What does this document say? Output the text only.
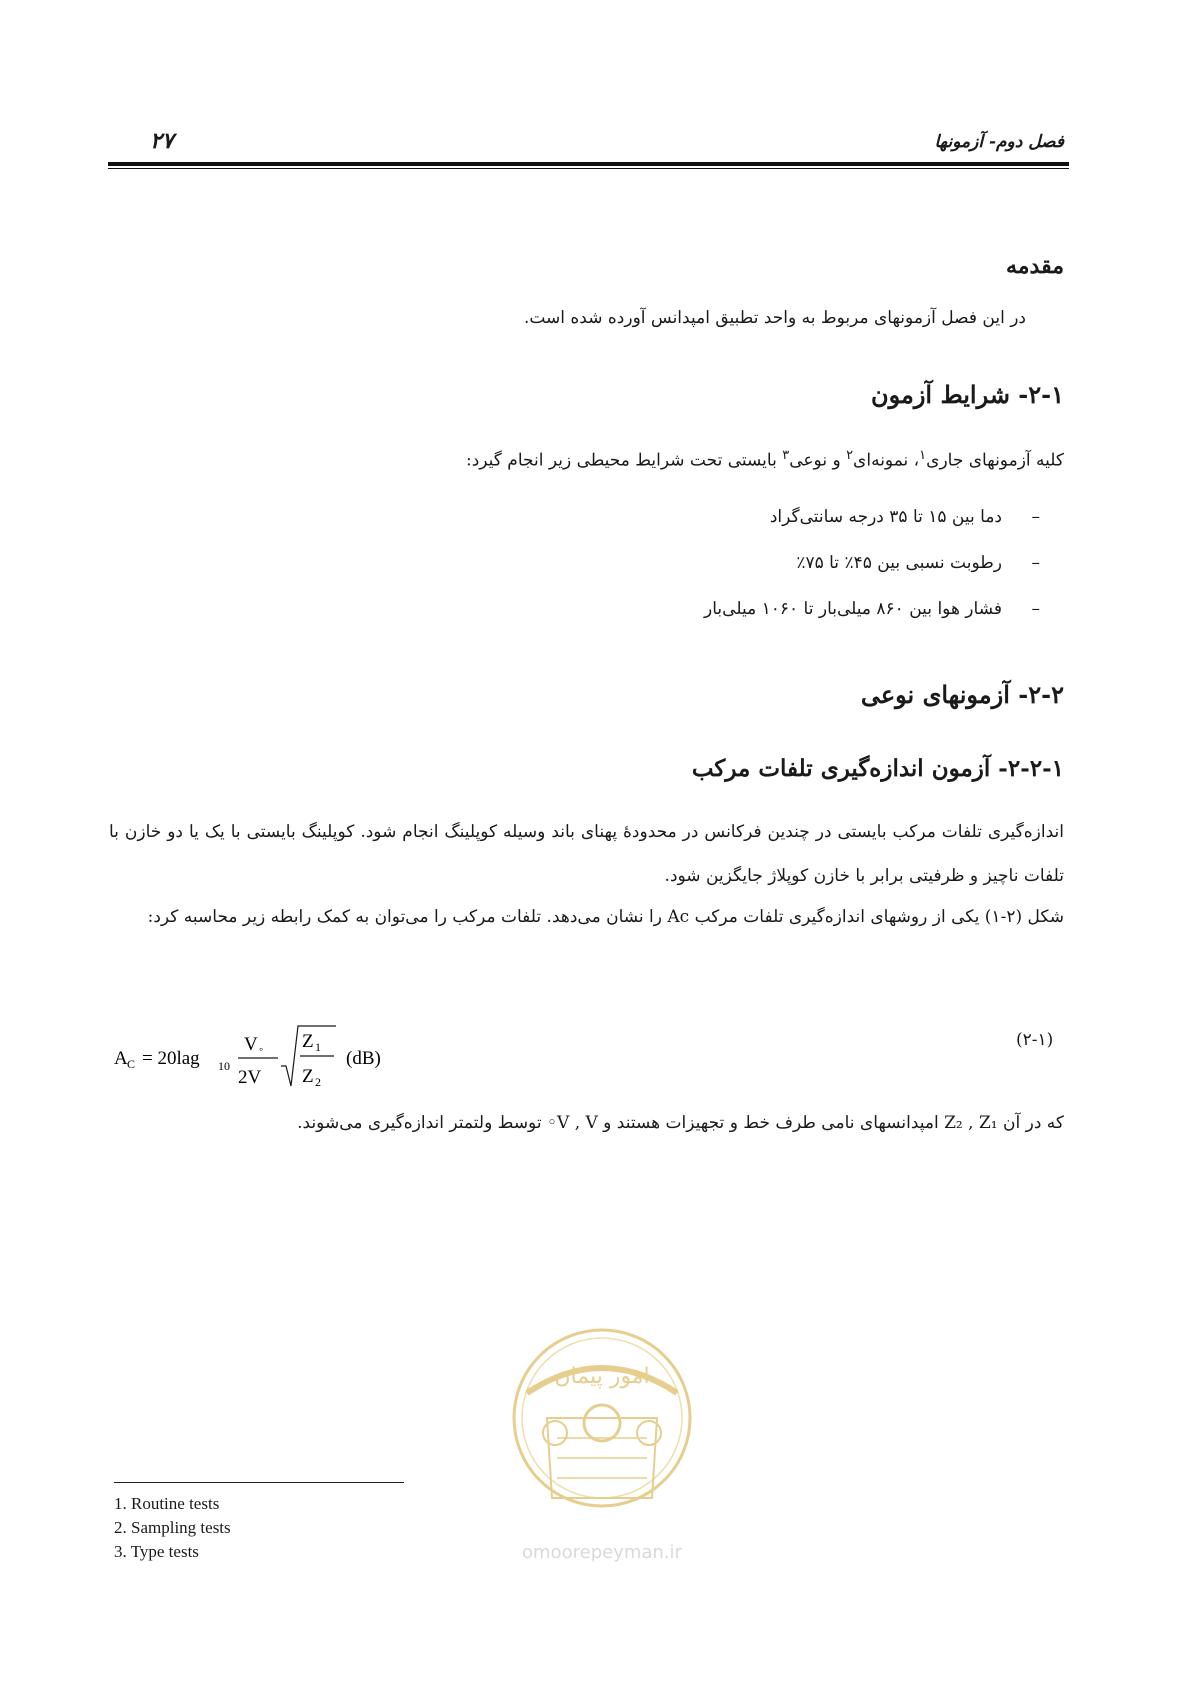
فصل دوم- آزمونها
۲۷
مقدمه
در این فصل آزمونهای مربوط به واحد تطبیق امپدانس آورده شده است.
۲-۱- شرایط آزمون
کلیه آزمونهای جاری$^۱$، نمونه‌ای$^۲$ و نوعی$^۳$ بایستی تحت شرایط محیطی زیر انجام گیرد:
–
دما بین ۱۵ تا ۳۵ درجه سانتی‌گراد
–
رطوبت نسبی بین ۴۵٪ تا ۷۵٪
–
فشار هوا بین ۸۶۰ میلی‌بار تا ۱۰۶۰ میلی‌بار
۲-۲- آزمونهای نوعی
۲-۲-۱- آزمون اندازه‌گیری تلفات مرکب
اندازه‌گیری تلفات مرکب بایستی در چندین فرکانس در محدودۀ پهنای باند وسیله کوپلینگ انجام شود. کوپلینگ بایستی با یک یا دو خازن با تلفات ناچیز و ظرفیتی برابر با خازن کوپلاژ جایگزین شود.
شکل (۲-۱) یکی از روشهای اندازه‌گیری تلفات مرکب Ac را نشان می‌دهد. تلفات مرکب را می‌توان به کمک رابطه زیر محاسبه کرد:
A C = 20lag 10
V ◦
2V
Z 1
Z 2
(dB)
(۲-۱)
که در آن Z₂ , Z₁ امپدانسهای نامی طرف خط و تجهیزات هستند و V , V◦ توسط ولتمتر اندازه‌گیری می‌شوند.
امور پیمان
omoorepeyman.ir
1. Routine tests
2. Sampling tests
3. Type tests
